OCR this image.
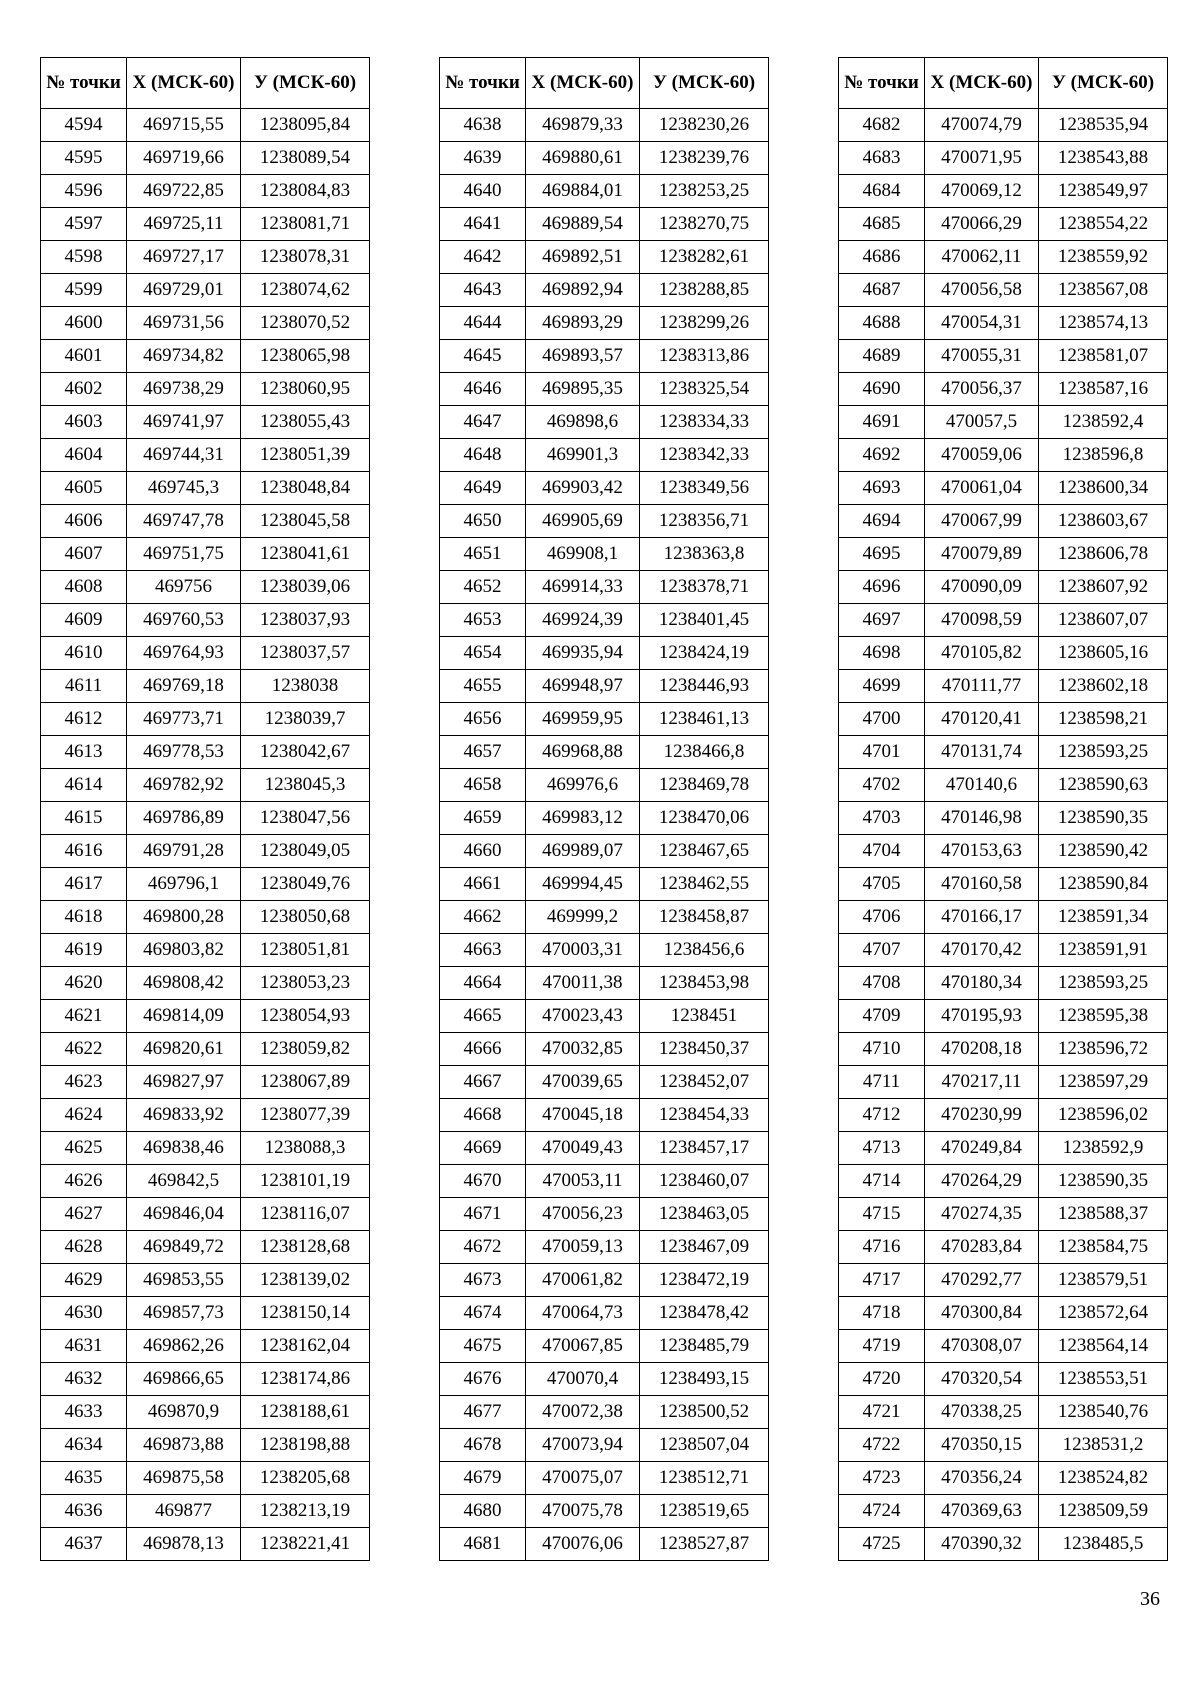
№ точки	X (МСК-60)	У (МСК-60)
4594	469715,55	1238095,84
4595	469719,66	1238089,54
4596	469722,85	1238084,83
4597	469725,11	1238081,71
4598	469727,17	1238078,31
4599	469729,01	1238074,62
4600	469731,56	1238070,52
4601	469734,82	1238065,98
4602	469738,29	1238060,95
4603	469741,97	1238055,43
4604	469744,31	1238051,39
4605	469745,3	1238048,84
4606	469747,78	1238045,58
4607	469751,75	1238041,61
4608	469756	1238039,06
4609	469760,53	1238037,93
4610	469764,93	1238037,57
4611	469769,18	1238038
4612	469773,71	1238039,7
4613	469778,53	1238042,67
4614	469782,92	1238045,3
4615	469786,89	1238047,56
4616	469791,28	1238049,05
4617	469796,1	1238049,76
4618	469800,28	1238050,68
4619	469803,82	1238051,81
4620	469808,42	1238053,23
4621	469814,09	1238054,93
4622	469820,61	1238059,82
4623	469827,97	1238067,89
4624	469833,92	1238077,39
4625	469838,46	1238088,3
4626	469842,5	1238101,19
4627	469846,04	1238116,07
4628	469849,72	1238128,68
4629	469853,55	1238139,02
4630	469857,73	1238150,14
4631	469862,26	1238162,04
4632	469866,65	1238174,86
4633	469870,9	1238188,61
4634	469873,88	1238198,88
4635	469875,58	1238205,68
4636	469877	1238213,19
4637	469878,13	1238221,41
№ точки	X (МСК-60)	У (МСК-60)
4638	469879,33	1238230,26
4639	469880,61	1238239,76
4640	469884,01	1238253,25
4641	469889,54	1238270,75
4642	469892,51	1238282,61
4643	469892,94	1238288,85
4644	469893,29	1238299,26
4645	469893,57	1238313,86
4646	469895,35	1238325,54
4647	469898,6	1238334,33
4648	469901,3	1238342,33
4649	469903,42	1238349,56
4650	469905,69	1238356,71
4651	469908,1	1238363,8
4652	469914,33	1238378,71
4653	469924,39	1238401,45
4654	469935,94	1238424,19
4655	469948,97	1238446,93
4656	469959,95	1238461,13
4657	469968,88	1238466,8
4658	469976,6	1238469,78
4659	469983,12	1238470,06
4660	469989,07	1238467,65
4661	469994,45	1238462,55
4662	469999,2	1238458,87
4663	470003,31	1238456,6
4664	470011,38	1238453,98
4665	470023,43	1238451
4666	470032,85	1238450,37
4667	470039,65	1238452,07
4668	470045,18	1238454,33
4669	470049,43	1238457,17
4670	470053,11	1238460,07
4671	470056,23	1238463,05
4672	470059,13	1238467,09
4673	470061,82	1238472,19
4674	470064,73	1238478,42
4675	470067,85	1238485,79
4676	470070,4	1238493,15
4677	470072,38	1238500,52
4678	470073,94	1238507,04
4679	470075,07	1238512,71
4680	470075,78	1238519,65
4681	470076,06	1238527,87
№ точки	X (МСК-60)	У (МСК-60)
4682	470074,79	1238535,94
4683	470071,95	1238543,88
4684	470069,12	1238549,97
4685	470066,29	1238554,22
4686	470062,11	1238559,92
4687	470056,58	1238567,08
4688	470054,31	1238574,13
4689	470055,31	1238581,07
4690	470056,37	1238587,16
4691	470057,5	1238592,4
4692	470059,06	1238596,8
4693	470061,04	1238600,34
4694	470067,99	1238603,67
4695	470079,89	1238606,78
4696	470090,09	1238607,92
4697	470098,59	1238607,07
4698	470105,82	1238605,16
4699	470111,77	1238602,18
4700	470120,41	1238598,21
4701	470131,74	1238593,25
4702	470140,6	1238590,63
4703	470146,98	1238590,35
4704	470153,63	1238590,42
4705	470160,58	1238590,84
4706	470166,17	1238591,34
4707	470170,42	1238591,91
4708	470180,34	1238593,25
4709	470195,93	1238595,38
4710	470208,18	1238596,72
4711	470217,11	1238597,29
4712	470230,99	1238596,02
4713	470249,84	1238592,9
4714	470264,29	1238590,35
4715	470274,35	1238588,37
4716	470283,84	1238584,75
4717	470292,77	1238579,51
4718	470300,84	1238572,64
4719	470308,07	1238564,14
4720	470320,54	1238553,51
4721	470338,25	1238540,76
4722	470350,15	1238531,2
4723	470356,24	1238524,82
4724	470369,63	1238509,59
4725	470390,32	1238485,5
36
